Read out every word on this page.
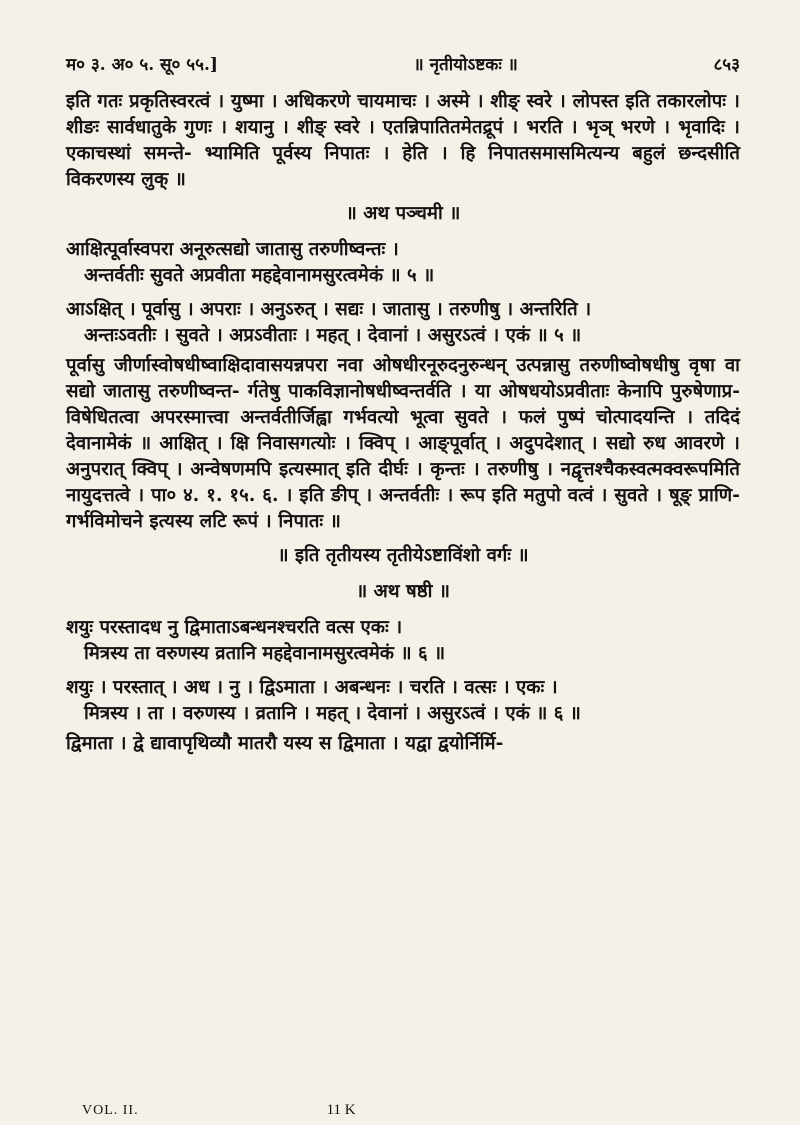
म० ३. अ० ५. सू० ५५.]	॥ नृतीयोऽष्टकः ॥	८५३

इति गतः प्रकृतिस्वरत्वं । युष्मा । अधिकरणे चायमाचः । अस्मे । शीङ् स्वरे । लोपस्त इति तकारलोपः । शीङः सार्वधातुके गुणः । शयानु । शीङ् स्वरे । एतन्निपातितमेतद्रूपं । भरति । भृञ् भरणे । भृवादिः । एकाचस्थां समन्ते- भ्यामिति पूर्वस्य निपातः । हेति । हि निपातसमासमित्यन्य बहुलं छन्दसीति विकरणस्य लुक् ॥

॥ अथ पञ्चमी ॥
आक्षित्पूर्वास्वपरा अनूरुत्सद्यो जातासु तरुणीष्वन्तः ।
अन्तर्वतीः सुवते अप्रवीता महद्देवानामसुरत्वमेकं ॥ ५ ॥
आऽक्षित् । पूर्वासु । अपराः । अनुऽरुत् । सद्यः । जातासु । तरुणीषु । अन्तरिति ।
अन्तःऽवतीः । सुवते । अप्रऽवीताः । महत् । देवानां । असुरऽत्वं । एकं ॥ ५ ॥

पूर्वासु जीर्णास्वोषधीष्वाक्षिदावासयन्नपरा नवा ओषधीरनूरुदनुरुन्धन् उत्पन्नासु तरुणीष्वोषधीषु वृषा वा सद्यो जातासु तरुणीष्वन्त- र्गतेषु पाकविज्ञानोषधीष्वन्तर्वति । या ओषधयोऽप्रवीताः केनापि पुरुषेणाप्र- विषेधितत्वा अपरस्मात्त्वा अन्तर्वतीर्जिह्वा गर्भवत्यो भूत्वा सुवते । फलं पुष्पं चोत्पादयन्ति । तदिदं देवानामेकं ॥ आक्षित् । क्षि निवासगत्योः । क्विप् । आङ्पूर्वात् । अदुपदेशात् । सद्यो रुध आवरणे । अनुपरात् क्विप् । अन्वेषणमपि इत्यस्मात् इति दीर्घः । कृन्तः । तरुणीषु । नद्वृत्तश्चैकस्वत्मक्वरूपमिति नायुदत्तत्वे । पा० ४. १. १५. ६. । इति ङीप् । अन्तर्वतीः । रूप इति मतुपो वत्वं । सुवते । षूङ् प्राणि- गर्भविमोचने इत्यस्य लटि रूपं । निपातः ॥

॥ इति तृतीयस्य तृतीयेऽष्टाविंशो वर्गः ॥
॥ अथ षष्ठी ॥
शयुः परस्तादध नु द्विमाताऽबन्धनश्चरति वत्स एकः ।
मित्रस्य ता वरुणस्य व्रतानि महद्देवानामसुरत्वमेकं ॥ ६ ॥
शयुः । परस्तात् । अध । नु । द्विऽमाता । अबन्धनः । चरति । वत्सः । एकः ।
मित्रस्य । ता । वरुणस्य । व्रतानि । महत् । देवानां । असुरऽत्वं । एकं ॥ ६ ॥

द्विमाता । द्वे द्यावापृथिव्यौ मातरौ यस्य स द्विमाता । यद्वा द्वयोर्निर्मि-

VOL. II.	11 K
